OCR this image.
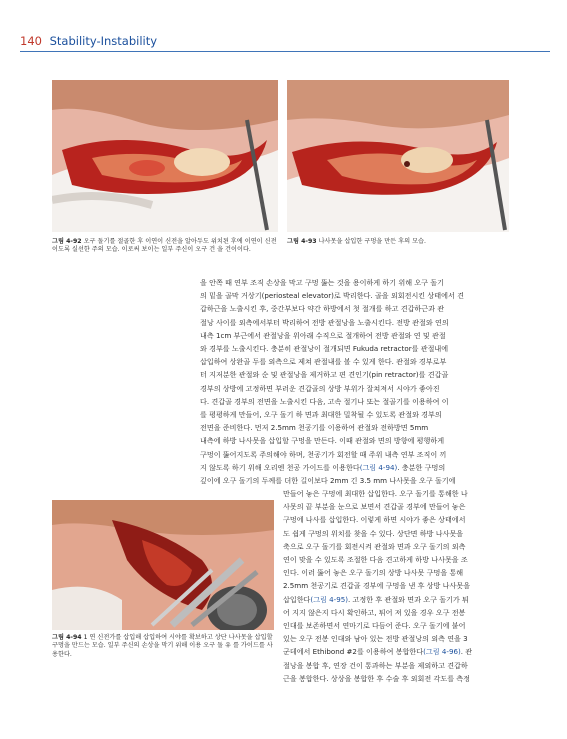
140 Stability-Instability
그림 4-92 오구 돌기를 절골한 후 이연이 신전을 알아두도 위치된 후에 이연이 신전이도록 실선한 주의 모습. 이로써 보이는 일부 주신이 오구 건 을 건이이다.
그림 4-93 나사못을 삽입한 구멍을 만든 후의 모습.

을 안쪽 때 연부 조직 손상을 막고 구멍 뚫는 것을 용이하게 하기 위해 오구 돌기

의 밑을 골막 거상기(periosteal elevator)로 박리한다. 골을 외회전시킨 상태에서 견

갑하근을 노출시킨 후, 중간부보다 약간 하방에서 첫 절개를 하고 견갑하근과 관

절낭 사이를 외측에서부터 박리하여 전방 관절낭을 노출시킨다. 전방 관절와 연의

내측 1cm 부근에서 관절낭을 위아래 수직으로 절개하여 전방 관절와 연 및 관절

와 경부를 노출시킨다. 충분히 관절낭이 절개되면 Fukuda retractor를 관절내에

삽입하여 상완골 두를 외측으로 제쳐 관절내를 볼 수 있게 한다. 관절와 경부로부

터 지저분한 관절와 순 및 관절낭을 제거하고 편 견인기(pin retractor)를 견갑골

경부의 상방에 고정하면 부러운 견갑골의 상방 부위가 잘쳐져서 시야가 좋아진

다. 견갑골 경부의 전면을 노출시킨 다음, 고속 절기나 또는 절골기를 이용하여 이

를 평평하게 만들어, 오구 돌기 하 면과 최대한 밀착될 수 있도록 관절와 경부의

전면을 준비한다. 먼저 2.5mm 천공기를 이용하여 관절와 전하방면 5mm

내측에 하방 나사못을 삽입할 구멍을 만든다. 이때 관절와 면의 방향에 평행하게

구멍이 뚫어지도록 주의해야 하며, 천공기가 회전할 때 주위 내측 연부 조직이 끼

지 않도록 하기 위해 오리엔 천공 가이드를 이용한다(그림 4-94). 충분한 구멍의

깊이에 오구 돌기의 두께를 더한 길이보다 2mm 긴 3.5 mm 나사못을 오구 돌기에

그림 4-94 1 연 신전가를 삽입해 삽입하여 시야를 확보하고 상단 나사못을 삽입할 구멍을 만드는 모습. 일부 주신의 손상을 막기 위해 이용 오구 돌 유 를 가이드를 사용한다.

만들어 놓은 구멍에 최대한 삽입한다. 오구 돌기를 통해한 나

사못의 끝 부분을 눈으로 보면서 견갑골 경부에 만들어 놓은

구멍에 나사를 삽입한다. 이렇게 하면 시야가 좋은 상태에서

도 쉽게 구멍의 위치를 찾을 수 있다. 상단면 하방 나사못을

축으로 오구 돌기를 회전시켜 관절와 면과 오구 돌기의 외측

연이 맞을 수 있도록 조절한 다음 견고하게 하방 나사못을 조

인다. 이러 뚫어 놓은 오구 돌기의 상방 나사못 구멍을 통해

2.5mm 천공기로 견갑골 경부에 구멍을 낸 후 상방 나사못을

삽입한다(그림 4-95). 고정한 후 관절와 면과 오구 돌기가 튀

어 지지 않은지 다시 확인하고, 튀어 져 있을 경우 오구 전봉

인대를 보존하면서 연마기로 다듬어 준다. 오구 돌기에 붙어

있는 오구 전봉 인대와 남아 있는 전방 관절낭의 외측 연을 3

군데에서 Ethibond #2를 이용하여 봉합한다(그림 4-96). 관

절낭을 봉합 후, 연장 건이 통과하는 부분을 제외하고 견갑하

근을 봉합한다. 상상을 봉합한 후 수술 후 외회전 각도를 측정
